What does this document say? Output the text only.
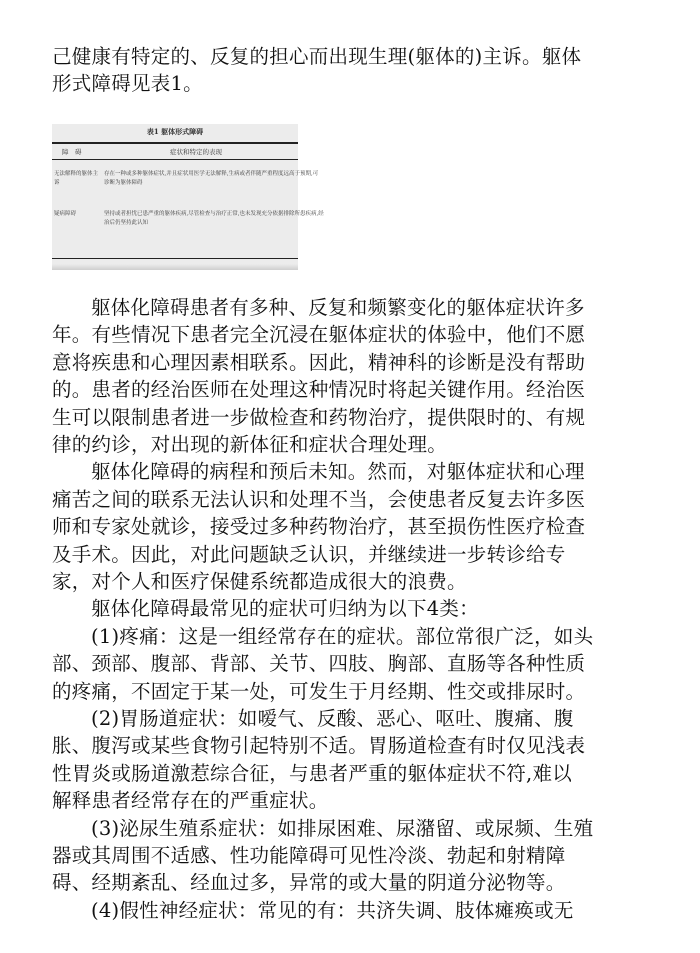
己健康有特定的、反复的担心而出现生理(躯体的)主诉。躯体

形式障碍见表1。

表1 躯体形式障碍
障　碍	症状和特定的表现
无法解释的躯体主诉
存在一种或多种躯体症状,并且症状用医学无法解释,生病或者伴随严重程度远高于预期,可
诊断为躯体障碍
疑病障碍	坚持或者担忧已患严重的躯体疾病,尽管检查与治疗正常,也未发现充分依据排除所患疾病,经
治后仍坚持此认知

躯体化障碍患者有多种、反复和频繁变化的躯体症状许多

年。有些情况下患者完全沉浸在躯体症状的体验中，他们不愿

意将疾患和心理因素相联系。因此，精神科的诊断是没有帮助

的。患者的经治医师在处理这种情况时将起关键作用。经治医

生可以限制患者进一步做检查和药物治疗，提供限时的、有规

律的约诊，对出现的新体征和症状合理处理。

躯体化障碍的病程和预后未知。然而，对躯体症状和心理

痛苦之间的联系无法认识和处理不当，会使患者反复去许多医

师和专家处就诊，接受过多种药物治疗，甚至损伤性医疗检查

及手术。因此，对此问题缺乏认识，并继续进一步转诊给专

家，对个人和医疗保健系统都造成很大的浪费。

躯体化障碍最常见的症状可归纳为以下4类：

(1)疼痛：这是一组经常存在的症状。部位常很广泛，如头

部、颈部、腹部、背部、关节、四肢、胸部、直肠等各种性质

的疼痛，不固定于某一处，可发生于月经期、性交或排尿时。

(2)胃肠道症状：如嗳气、反酸、恶心、呕吐、腹痛、腹

胀、腹泻或某些食物引起特别不适。胃肠道检查有时仅见浅表

性胃炎或肠道激惹综合征，与患者严重的躯体症状不符,难以

解释患者经常存在的严重症状。

(3)泌尿生殖系症状：如排尿困难、尿潴留、或尿频、生殖

器或其周围不适感、性功能障碍可见性冷淡、勃起和射精障

碍、经期紊乱、经血过多，异常的或大量的阴道分泌物等。

(4)假性神经症状：常见的有：共济失调、肢体瘫痪或无
